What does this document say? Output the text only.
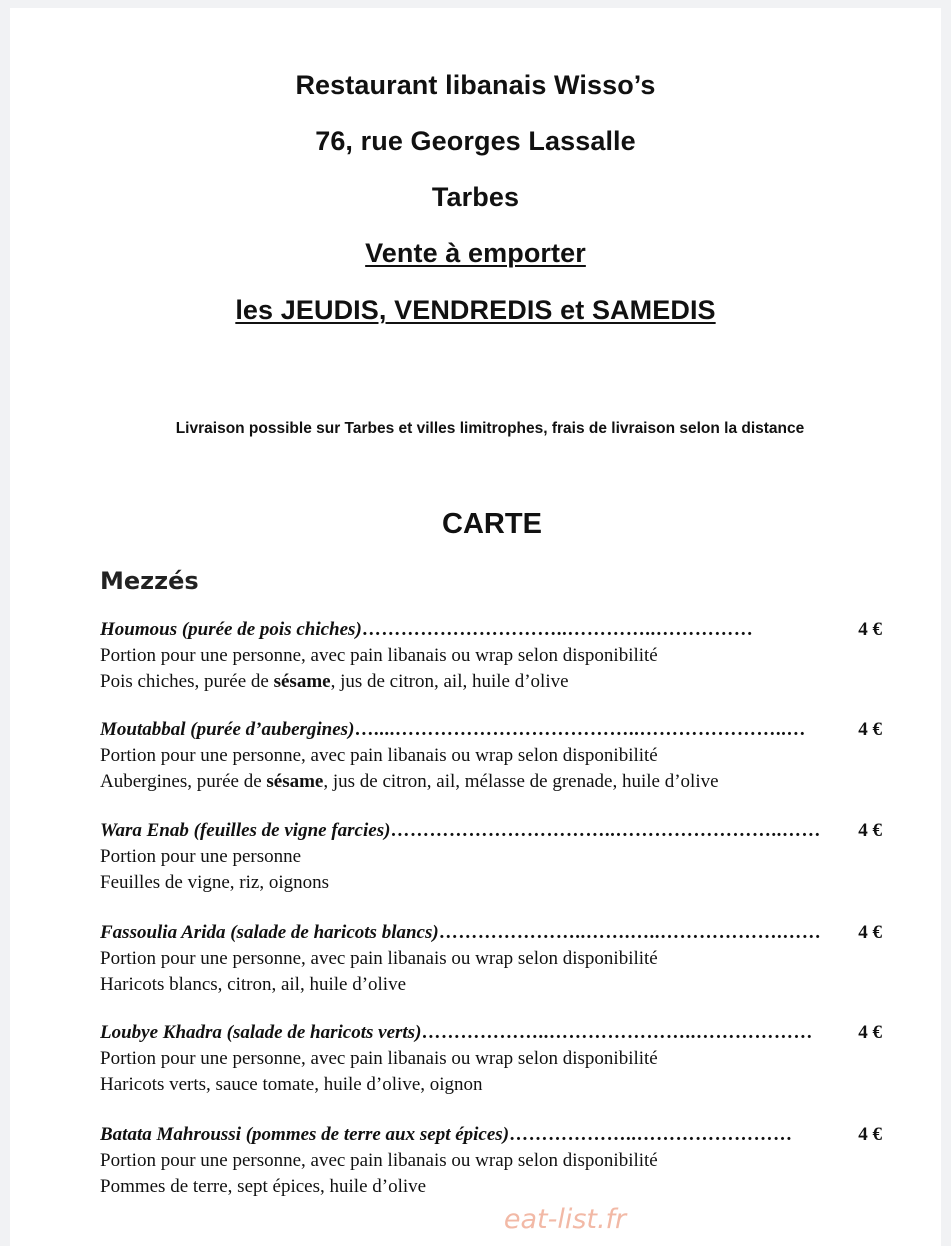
Restaurant libanais Wisso’s
76, rue Georges Lassalle
Tarbes
Vente à emporter
les JEUDIS, VENDREDIS et SAMEDIS
Livraison possible sur Tarbes et villes limitrophes, frais de livraison selon la distance
CARTE
Mezzés
Houmous (purée de pois chiches) …………………………..…………..……………	4 €
Portion pour une personne, avec pain libanais ou wrap selon disponibilité
Pois chiches, purée de sésame, jus de citron, ail, huile d’olive
Moutabbal (purée d’aubergines) …....………………………………..…………………..…	4 €
Portion pour une personne, avec pain libanais ou wrap selon disponibilité
Aubergines, purée de sésame, jus de citron, ail, mélasse de grenade, huile d’olive
Wara Enab (feuilles de vigne farcies) ……………………………..……………………..……	4 €
Portion pour une personne
Feuilles de vigne, riz, oignons
Fassoulia Arida (salade de haricots blancs) …………………..…….…..……………….……	4 €
Portion pour une personne, avec pain libanais ou wrap selon disponibilité
Haricots blancs, citron, ail, huile d’olive
Loubye Khadra (salade de haricots verts) ………………..…………………..………………	4 €
Portion pour une personne, avec pain libanais ou wrap selon disponibilité
Haricots verts, sauce tomate, huile d’olive, oignon
Batata Mahroussi (pommes de terre aux sept épices) ………………..……………………	4 €
Portion pour une personne, avec pain libanais ou wrap selon disponibilité
Pommes de terre, sept épices, huile d’olive
eat-list.fr
